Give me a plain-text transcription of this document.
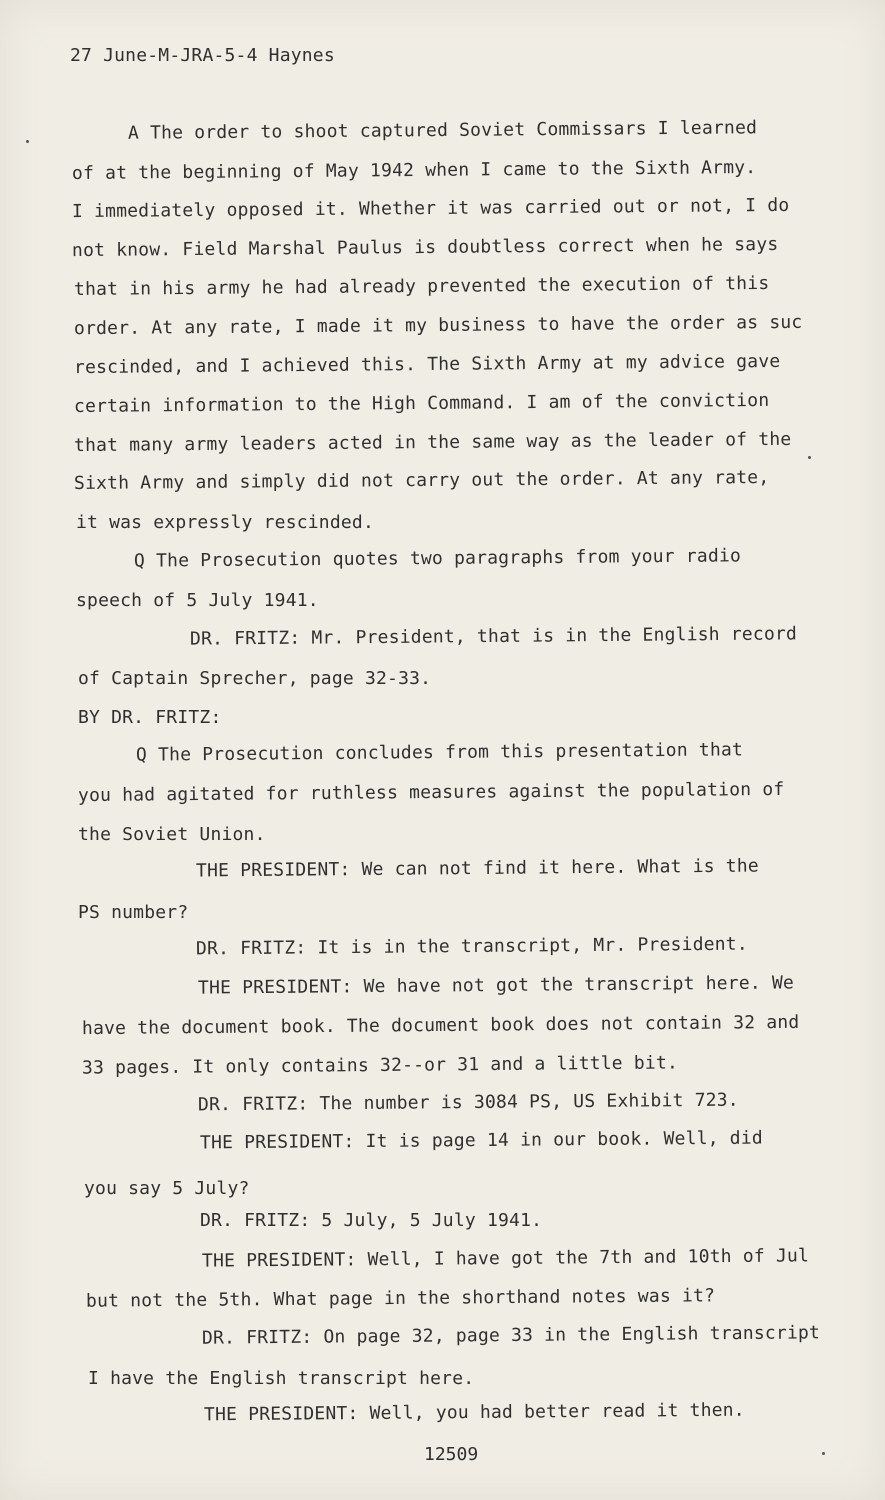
27 June-M-JRA-5-4 Haynes
A The order to shoot captured Soviet Commissars I learned
of at the beginning of May 1942 when I came to the Sixth Army.
I immediately opposed it. Whether it was carried out or not, I do
not know. Field Marshal Paulus is doubtless correct when he says
that in his army he had already prevented the execution of this
order. At any rate, I made it my business to have the order as suc
rescinded, and I achieved this. The Sixth Army at my advice gave
certain information to the High Command. I am of the conviction
that many army leaders acted in the same way as the leader of the
Sixth Army and simply did not carry out the order. At any rate,
it was expressly rescinded.
Q The Prosecution quotes two paragraphs from your radio
speech of 5 July 1941.
DR. FRITZ: Mr. President, that is in the English record
of Captain Sprecher, page 32-33.
BY DR. FRITZ:
Q The Prosecution concludes from this presentation that
you had agitated for ruthless measures against the population of
the Soviet Union.
THE PRESIDENT: We can not find it here. What is the
PS number?
DR. FRITZ: It is in the transcript, Mr. President.
THE PRESIDENT: We have not got the transcript here. We
have the document book. The document book does not contain 32 and
33 pages. It only contains 32--or 31 and a little bit.
DR. FRITZ: The number is 3084 PS, US Exhibit 723.
THE PRESIDENT: It is page 14 in our book. Well, did
you say 5 July?
DR. FRITZ: 5 July, 5 July 1941.
THE PRESIDENT: Well, I have got the 7th and 10th of Jul
but not the 5th. What page in the shorthand notes was it?
DR. FRITZ: On page 32, page 33 in the English transcript
I have the English transcript here.
THE PRESIDENT: Well, you had better read it then.
12509
